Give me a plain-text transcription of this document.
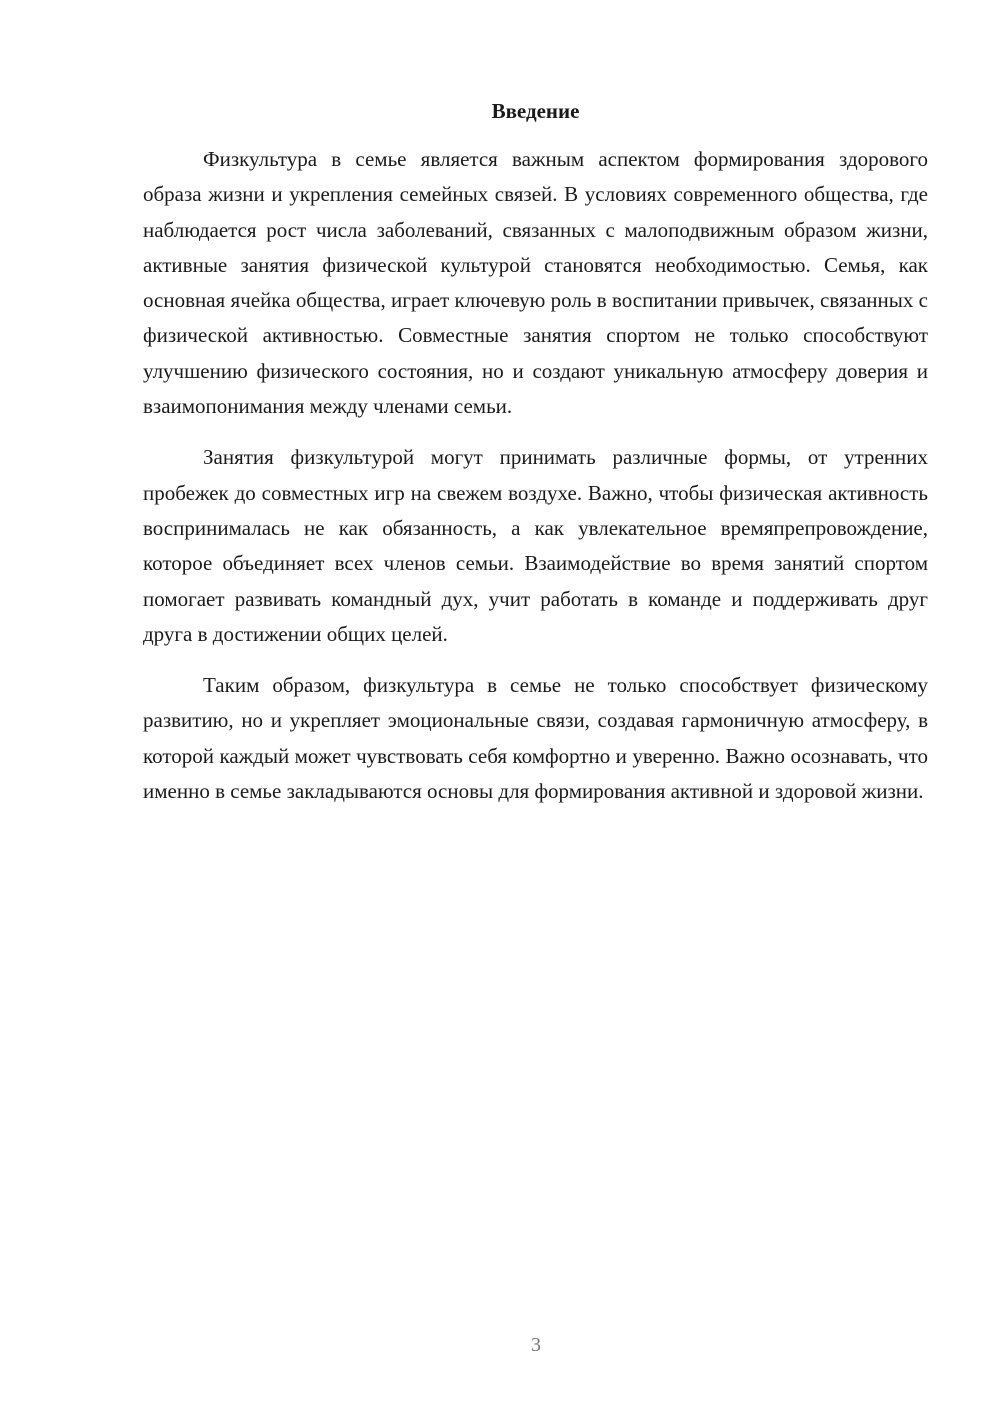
Введение

Физкультура в семье является важным аспектом формирования здорового образа жизни и укрепления семейных связей. В условиях современного общества, где наблюдается рост числа заболеваний, связанных с малоподвижным образом жизни, активные занятия физической культурой становятся необходимостью. Семья, как основная ячейка общества, играет ключевую роль в воспитании привычек, связанных с физической активностью. Совместные занятия спортом не только способствуют улучшению физического состояния, но и создают уникальную атмосферу доверия и взаимопонимания между членами семьи.

Занятия физкультурой могут принимать различные формы, от утренних пробежек до совместных игр на свежем воздухе. Важно, чтобы физическая активность воспринималась не как обязанность, а как увлекательное времяпрепровождение, которое объединяет всех членов семьи. Взаимодействие во время занятий спортом помогает развивать командный дух, учит работать в команде и поддерживать друг друга в достижении общих целей.

Таким образом, физкультура в семье не только способствует физическому развитию, но и укрепляет эмоциональные связи, создавая гармоничную атмосферу, в которой каждый может чувствовать себя комфортно и уверенно. Важно осознавать, что именно в семье закладываются основы для формирования активной и здоровой жизни.

3
